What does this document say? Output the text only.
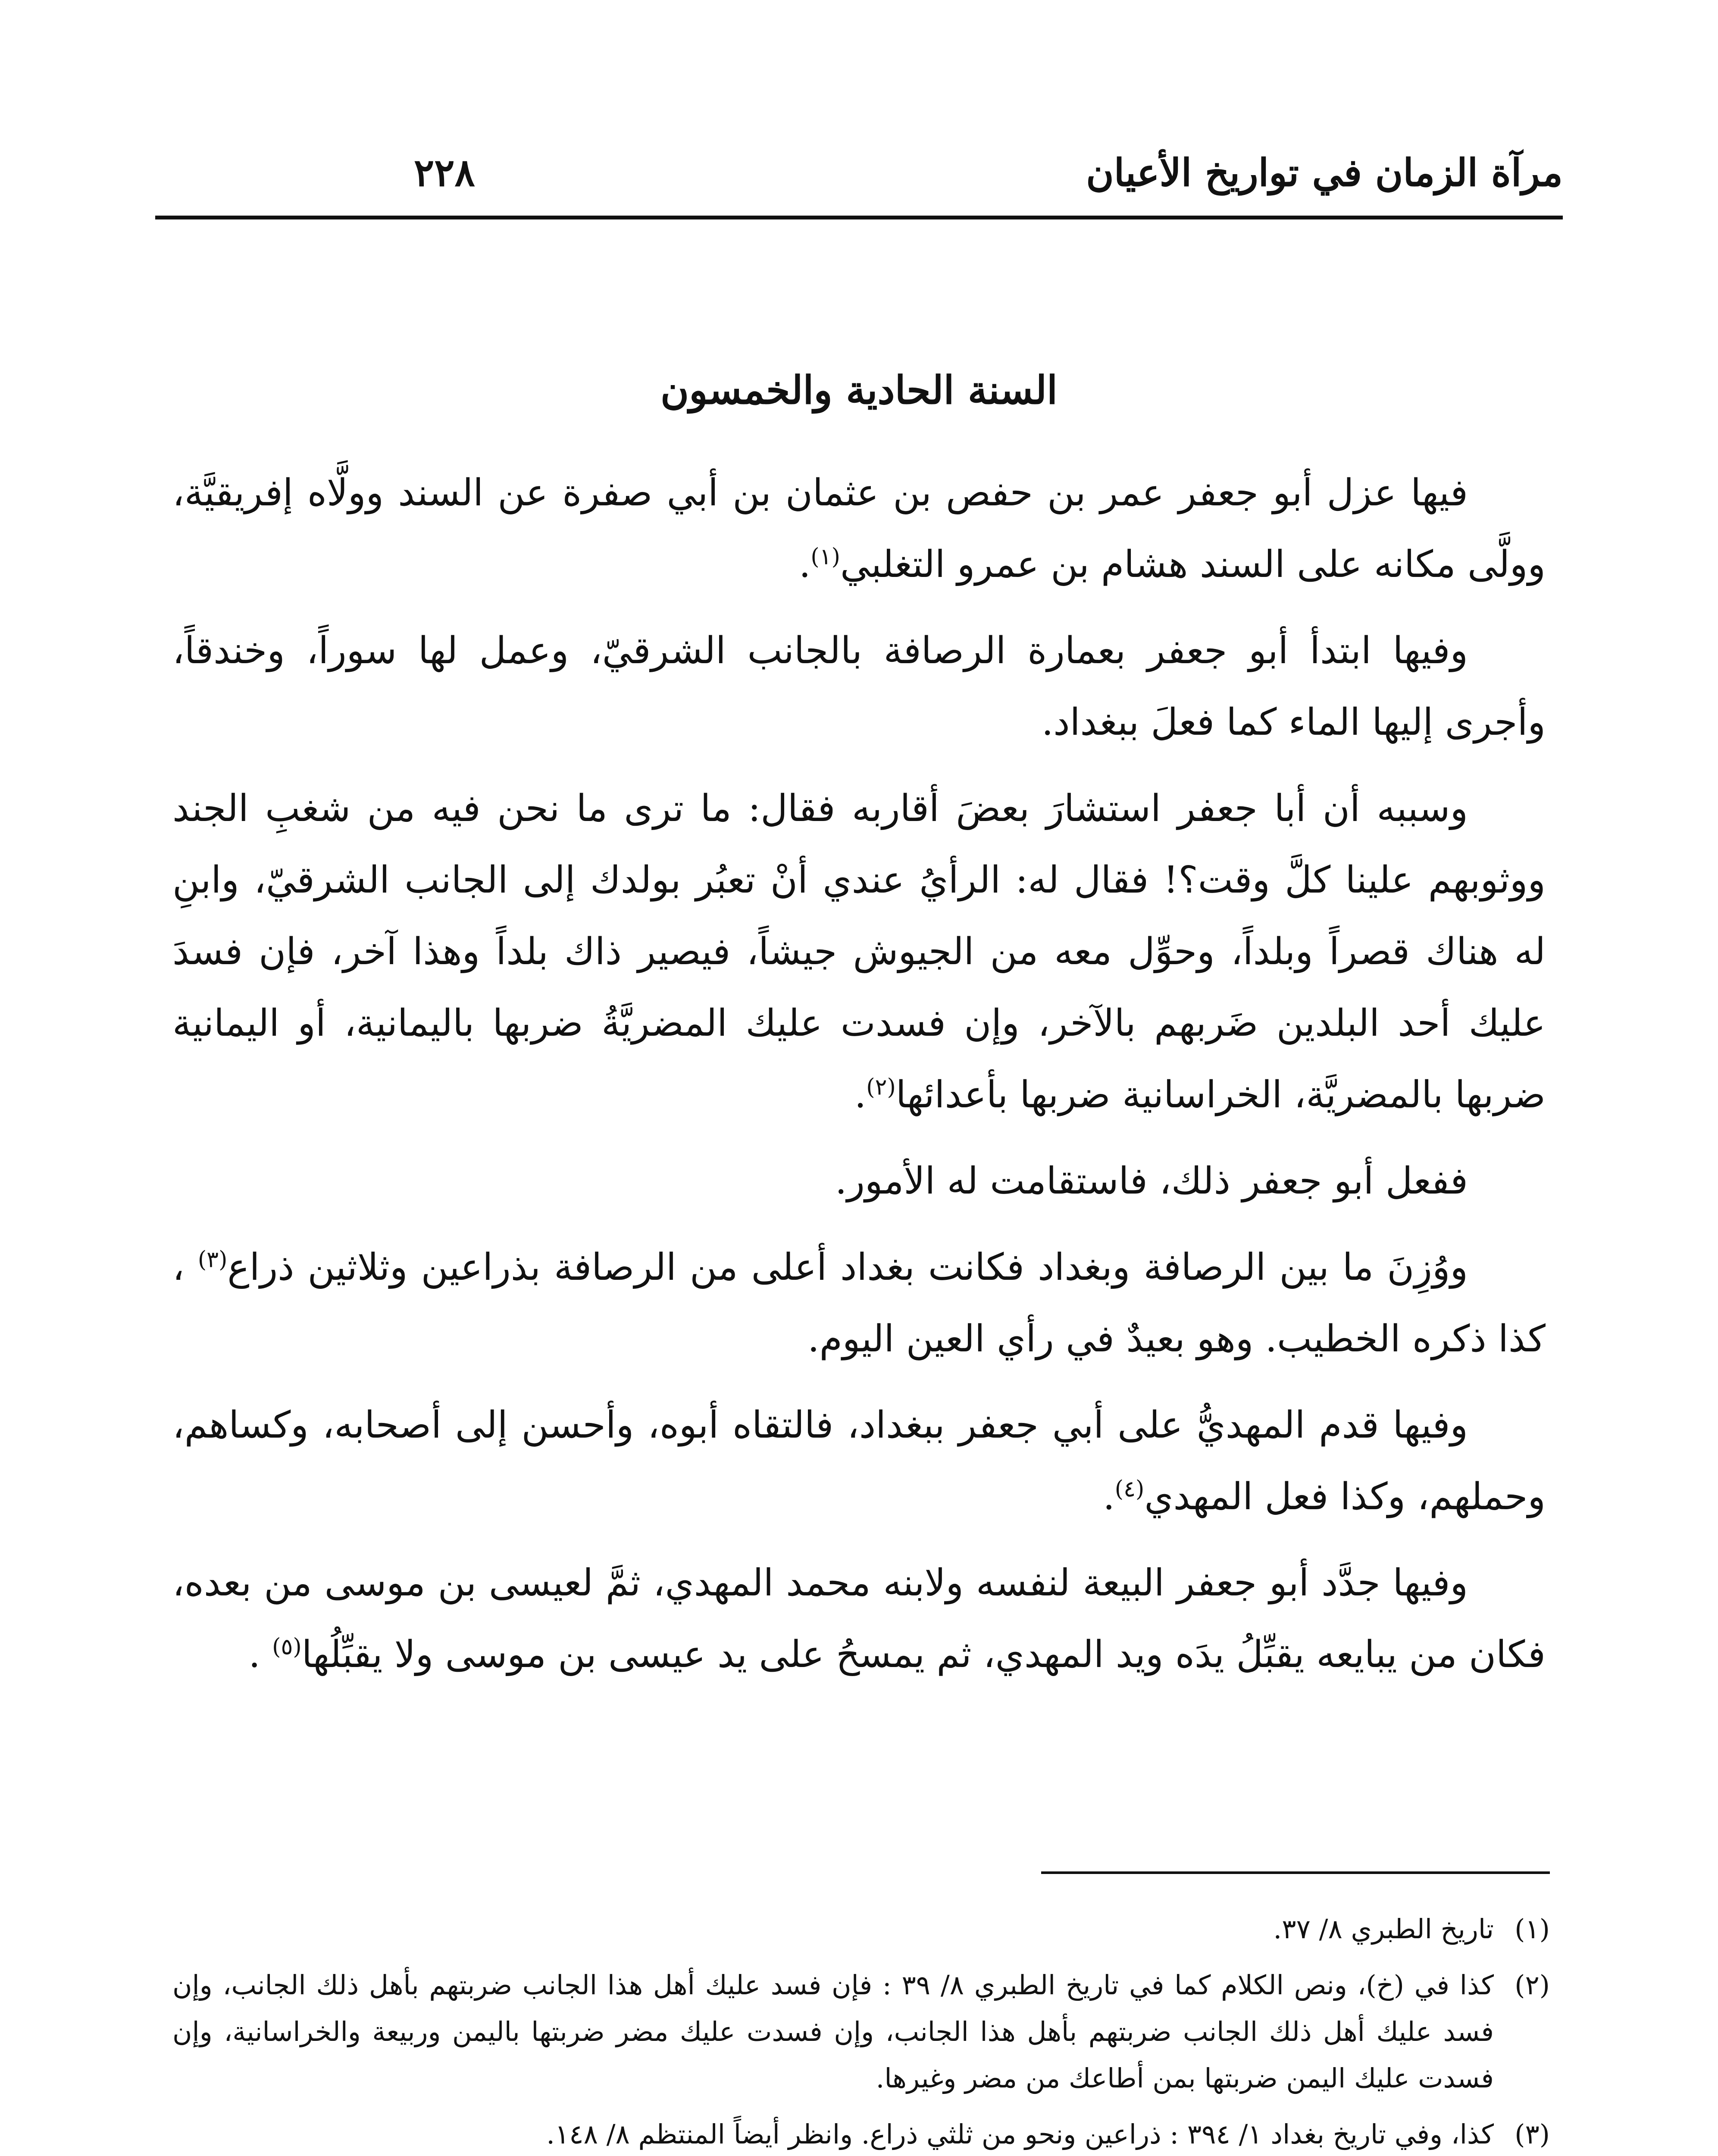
مرآة الزمان في تواريخ الأعيان
٢٢٨
السنة الحادية والخمسون

فيها عزل أبو جعفر عمر بن حفص بن عثمان بن أبي صفرة عن السند وولَّاه إفريقيَّة، وولَّى مكانه على السند هشام بن عمرو التغلبي$^{(١)}$.

وفيها ابتدأ أبو جعفر بعمارة الرصافة بالجانب الشرقيّ، وعمل لها سوراً، وخندقاً، وأجرى إليها الماء كما فعلَ ببغداد.

وسببه أن أبا جعفر استشارَ بعضَ أقاربه فقال: ما ترى ما نحن فيه من شغبِ الجند ووثوبهم علينا كلَّ وقت؟! فقال له: الرأيُ عندي أنْ تعبُر بولدك إلى الجانب الشرقيّ، وابنِ له هناك قصراً وبلداً، وحوِّل معه من الجيوش جيشاً، فيصير ذاك بلداً وهذا آخر، فإن فسدَ عليك أحد البلدين ضَربهم بالآخر، وإن فسدت عليك المضريَّةُ ضربها باليمانية، أو اليمانية ضربها بالمضريَّة، الخراسانية ضربها بأعدائها$^{(٢)}$.

ففعل أبو جعفر ذلك، فاستقامت له الأمور.

ووُزِنَ ما بين الرصافة وبغداد فكانت بغداد أعلى من الرصافة بذراعين وثلاثين ذراع$^{(٣)}$ ، كذا ذكره الخطيب. وهو بعيدٌ في رأي العين اليوم.

وفيها قدم المهديُّ على أبي جعفر ببغداد، فالتقاه أبوه، وأحسن إلى أصحابه، وكساهم، وحملهم، وكذا فعل المهدي$^{(٤)}$.

وفيها جدَّد أبو جعفر البيعة لنفسه ولابنه محمد المهدي، ثمَّ لعيسى بن موسى من بعده، فكان من يبايعه يقبِّلُ يدَه ويد المهدي، ثم يمسحُ على يد عيسى بن موسى ولا يقبِّلُها$^{(٥)}$ .

(١)
تاريخ الطبري ٨/ ٣٧.
(٢)
كذا في (خ)، ونص الكلام كما في تاريخ الطبري ٨/ ٣٩ : فإن فسد عليك أهل هذا الجانب ضربتهم بأهل ذلك الجانب، وإن فسد عليك أهل ذلك الجانب ضربتهم بأهل هذا الجانب، وإن فسدت عليك مضر ضربتها باليمن وربيعة والخراسانية، وإن فسدت عليك اليمن ضربتها بمن أطاعك من مضر وغيرها.
(٣)
كذا، وفي تاريخ بغداد ١/ ٣٩٤ : ذراعين ونحو من ثلثي ذراع. وانظر أيضاً المنتظم ٨/ ١٤٨.
